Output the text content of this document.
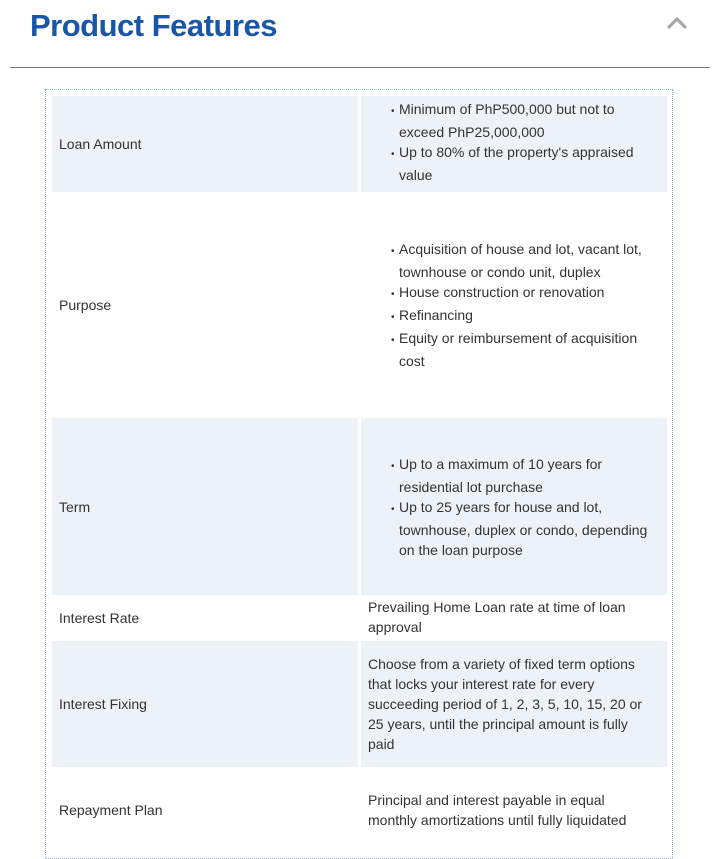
Product Features
Loan Amount
• Minimum of PhP500,000 but not to exceed PhP25,000,000
• Up to 80% of the property's appraised value
Purpose
• Acquisition of house and lot, vacant lot, townhouse or condo unit, duplex
• House construction or renovation
• Refinancing
• Equity or reimbursement of acquisition cost
Term
• Up to a maximum of 10 years for residential lot purchase
• Up to 25 years for house and lot, townhouse, duplex or condo, depending on the loan purpose
Interest Rate
Prevailing Home Loan rate at time of loan approval
Interest Fixing
Choose from a variety of fixed term options that locks your interest rate for every succeeding period of 1, 2, 3, 5, 10, 15, 20 or 25 years, until the principal amount is fully paid
Repayment Plan
Principal and interest payable in equal monthly amortizations until fully liquidated
